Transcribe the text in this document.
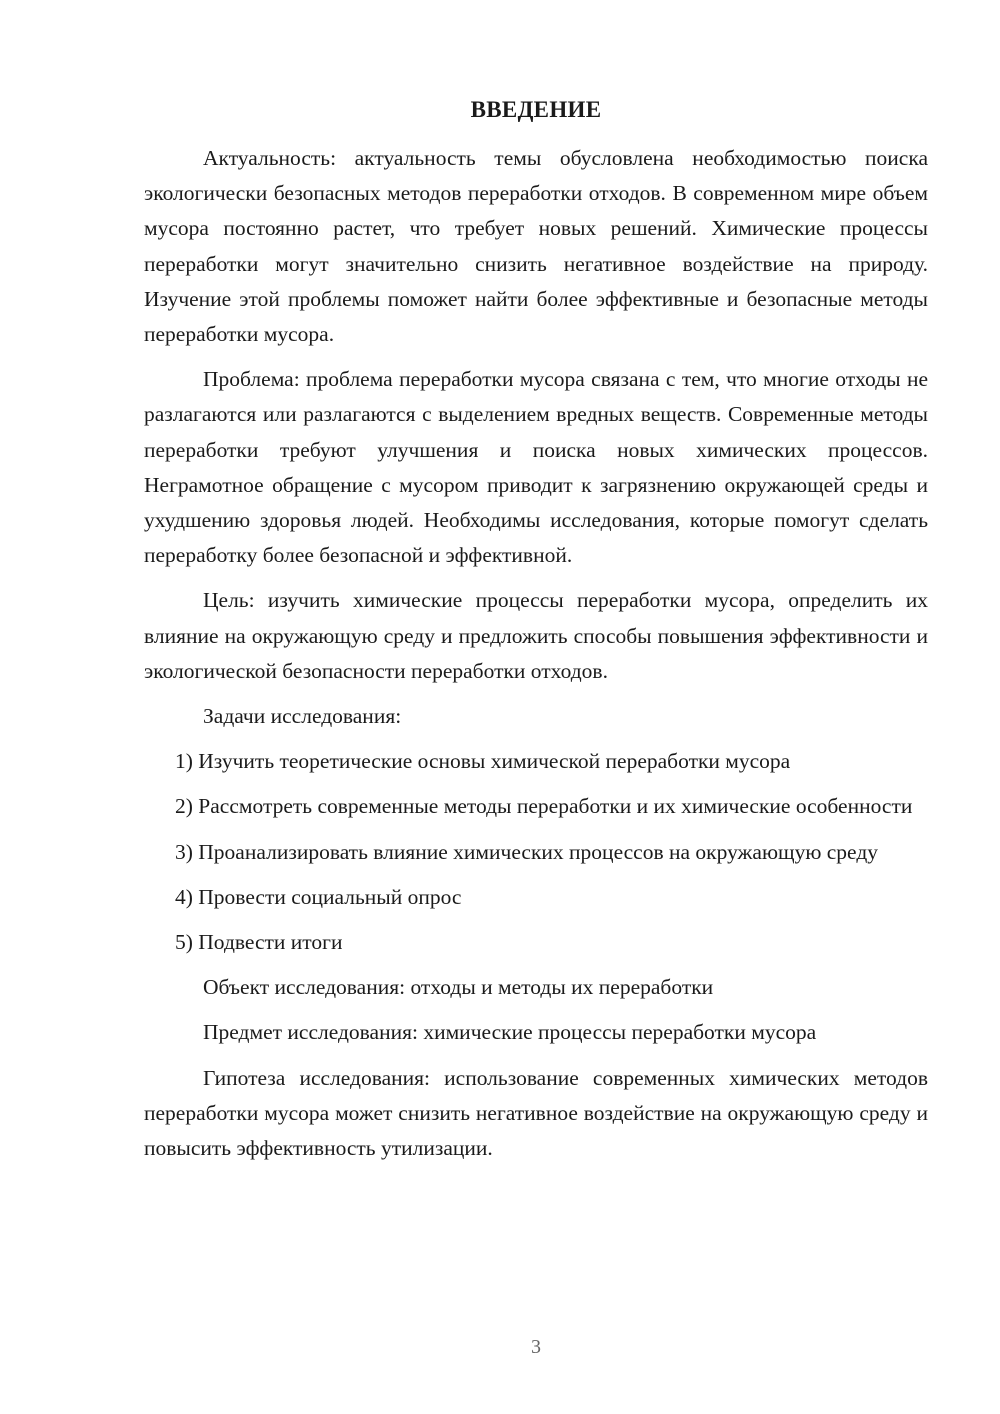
ВВЕДЕНИЕ

Актуальность: актуальность темы обусловлена необходимостью поиска экологически безопасных методов переработки отходов. В современном мире объем мусора постоянно растет, что требует новых решений. Химические процессы переработки могут значительно снизить негативное воздействие на природу. Изучение этой проблемы поможет найти более эффективные и безопасные методы переработки мусора.

Проблема: проблема переработки мусора связана с тем, что многие отходы не разлагаются или разлагаются с выделением вредных веществ. Современные методы переработки требуют улучшения и поиска новых химических процессов. Неграмотное обращение с мусором приводит к загрязнению окружающей среды и ухудшению здоровья людей. Необходимы исследования, которые помогут сделать переработку более безопасной и эффективной.

Цель: изучить химические процессы переработки мусора, определить их влияние на окружающую среду и предложить способы повышения эффективности и экологической безопасности переработки отходов.

Задачи исследования:

1) Изучить теоретические основы химической переработки мусора

2) Рассмотреть современные методы переработки и их химические особенности

3) Проанализировать влияние химических процессов на окружающую среду

4) Провести социальный опрос

5) Подвести итоги

Объект исследования: отходы и методы их переработки

Предмет исследования: химические процессы переработки мусора

Гипотеза исследования: использование современных химических методов переработки мусора может снизить негативное воздействие на окружающую среду и повысить эффективность утилизации.

3
